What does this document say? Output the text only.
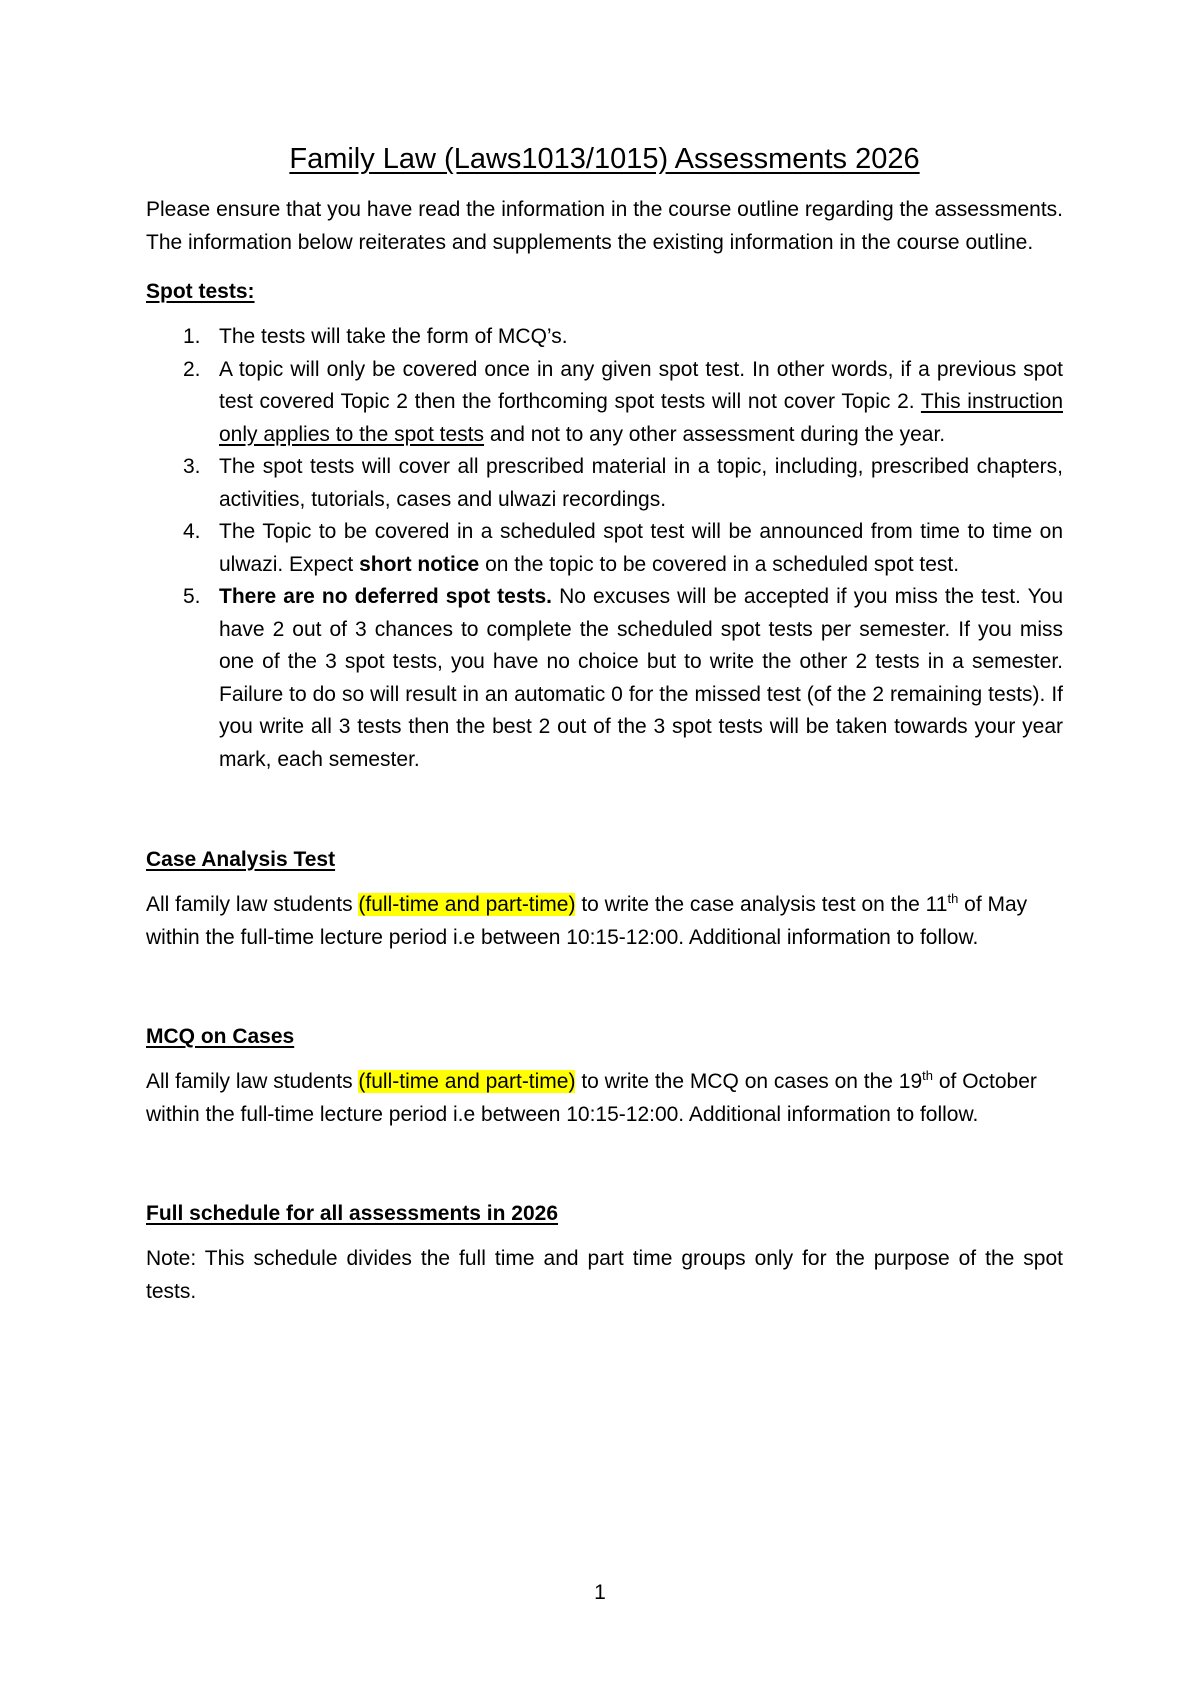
Family Law (Laws1013/1015) Assessments 2026

Please ensure that you have read the information in the course outline regarding the assessments. The information below reiterates and supplements the existing information in the course outline.

Spot tests:
1. The tests will take the form of MCQ’s.
2. A topic will only be covered once in any given spot test. In other words, if a previous spot test covered Topic 2 then the forthcoming spot tests will not cover Topic 2. This instruction only applies to the spot tests and not to any other assessment during the year.
3. The spot tests will cover all prescribed material in a topic, including, prescribed chapters, activities, tutorials, cases and ulwazi recordings.
4. The Topic to be covered in a scheduled spot test will be announced from time to time on ulwazi. Expect short notice on the topic to be covered in a scheduled spot test.
5. There are no deferred spot tests. No excuses will be accepted if you miss the test. You have 2 out of 3 chances to complete the scheduled spot tests per semester. If you miss one of the 3 spot tests, you have no choice but to write the other 2 tests in a semester. Failure to do so will result in an automatic 0 for the missed test (of the 2 remaining tests). If you write all 3 tests then the best 2 out of the 3 spot tests will be taken towards your year mark, each semester.
Case Analysis Test

All family law students (full-time and part-time) to write the case analysis test on the 11th of May within the full-time lecture period i.e between 10:15-12:00. Additional information to follow.

MCQ on Cases

All family law students (full-time and part-time) to write the MCQ on cases on the 19th of October within the full-time lecture period i.e between 10:15-12:00. Additional information to follow.

Full schedule for all assessments in 2026

Note: This schedule divides the full time and part time groups only for the purpose of the spot tests.

1
